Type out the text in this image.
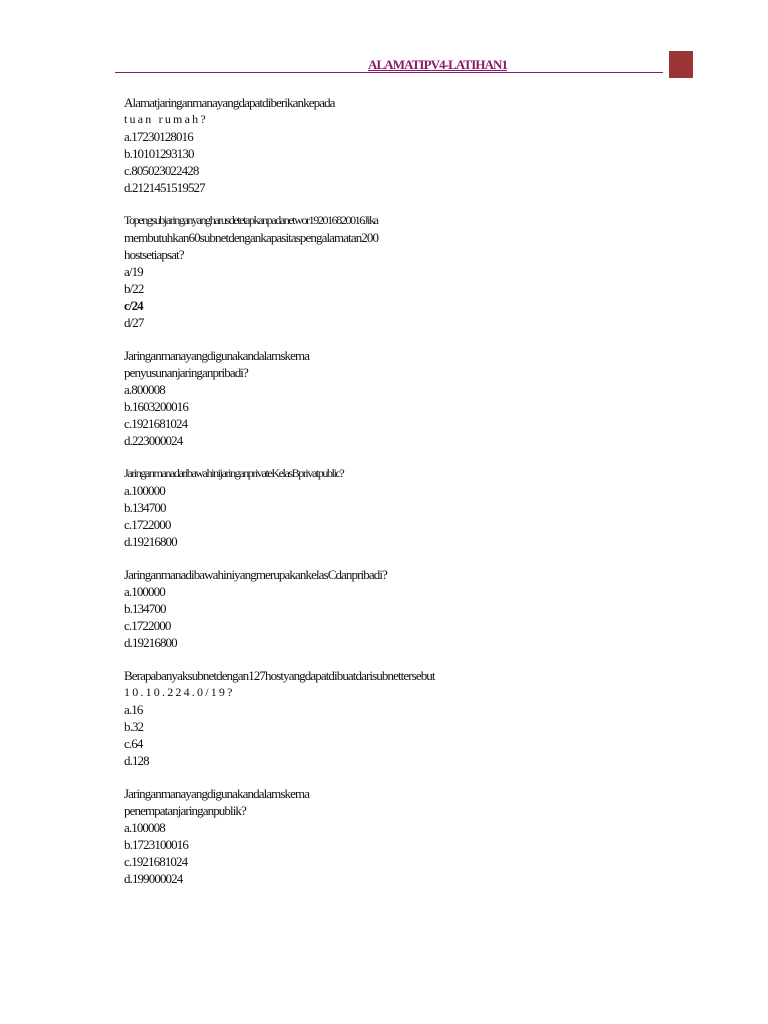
ALAMATIPV4-LATIHAN1
Alamatjaringanmanayangdapatdiberikankepada
tuan rumah?
a.17230128016
b.10101293130
c.805023022428
d.2121451519527
Topengsubjaringanyangharusdetetapkanpadanetwor192016820016Jika
membutuhkan60subnetdengankapasitaspengalamatan200
hostsetiapsat?
a/19
b/22
c/24
d/27
Jaringanmanayangdigunakandalamskema
penyusunanjaringanpribadi?
a.800008
b.1603200016
c.1921681024
d.223000024
JaringanmanadaribawahinijaringanprivateKelasBprivatpublic?
a.100000
b.134700
c.1722000
d.19216800
JaringanmanadibawahiniyangmerupakankelasCdanpribadi?
a.100000
b.134700
c.1722000
d.19216800
Berapabanyaksubnetdengan127hostyangdapatdibuatdarisubnettersebut
10.10.224.0/19?
a.16
b.32
c.64
d.128
Jaringanmanayangdigunakandalamskema
penempatanjaringanpublik?
a.100008
b.1723100016
c.1921681024
d.199000024
